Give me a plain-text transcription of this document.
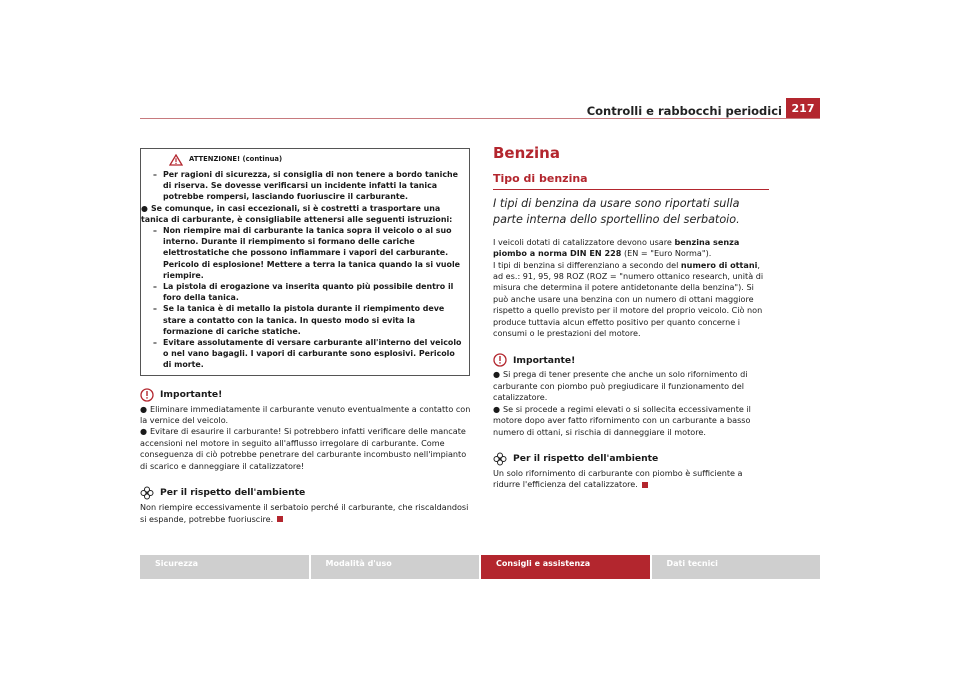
Controlli e rabbocchi periodici 217
ATTENZIONE! (continua)

– Per ragioni di sicurezza, si consiglia di non tenere a bordo taniche di riserva. Se dovesse verificarsi un incidente infatti la tanica potrebbe rompersi, lasciando fuoriuscire il carburante.

● Se comunque, in casi eccezionali, si è costretti a trasportare una tanica di carburante, è consigliabile attenersi alle seguenti istruzioni:

– Non riempire mai di carburante la tanica sopra il veicolo o al suo interno. Durante il riempimento si formano delle cariche elettrostatiche che possono infiammare i vapori del carburante. Pericolo di esplosione! Mettere a terra la tanica quando la si vuole riempire.

– La pistola di erogazione va inserita quanto più possibile dentro il foro della tanica.

– Se la tanica è di metallo la pistola durante il riempimento deve stare a contatto con la tanica. In questo modo si evita la formazione di cariche statiche.

– Evitare assolutamente di versare carburante all'interno del veicolo o nel vano bagagli. I vapori di carburante sono esplosivi. Pericolo di morte.

Importante!

● Eliminare immediatamente il carburante venuto eventualmente a contatto con la vernice del veicolo.

● Evitare di esaurire il carburante! Si potrebbero infatti verificare delle mancate accensioni nel motore in seguito all'afflusso irregolare di carburante. Come conseguenza di ciò potrebbe penetrare del carburante incombusto nell'impianto di scarico e danneggiare il catalizzatore!

Per il rispetto dell'ambiente

Non riempire eccessivamente il serbatoio perché il carburante, che riscaldandosi si espande, potrebbe fuoriuscire.

Benzina
Tipo di benzina

I tipi di benzina da usare sono riportati sulla parte interna dello sportellino del serbatoio.

I veicoli dotati di catalizzatore devono usare benzina senza piombo a norma DIN EN 228 (EN = "Euro Norma").

I tipi di benzina si differenziano a secondo del numero di ottani, ad es.: 91, 95, 98 ROZ (ROZ = "numero ottanico research, unità di misura che determina il potere antidetonante della benzina"). Si può anche usare una benzina con un numero di ottani maggiore rispetto a quello previsto per il motore del proprio veicolo. Ciò non produce tuttavia alcun effetto positivo per quanto concerne i consumi o le prestazioni del motore.

Importante!

● Si prega di tener presente che anche un solo rifornimento di carburante con piombo può pregiudicare il funzionamento del catalizzatore.

● Se si procede a regimi elevati o si sollecita eccessivamente il motore dopo aver fatto rifornimento con un carburante a basso numero di ottani, si rischia di danneggiare il motore.

Per il rispetto dell'ambiente

Un solo rifornimento di carburante con piombo è sufficiente a ridurre l'efficienza del catalizzatore.

Sicurezza	Modalità d'uso	Consigli e assistenza	Dati tecnici
